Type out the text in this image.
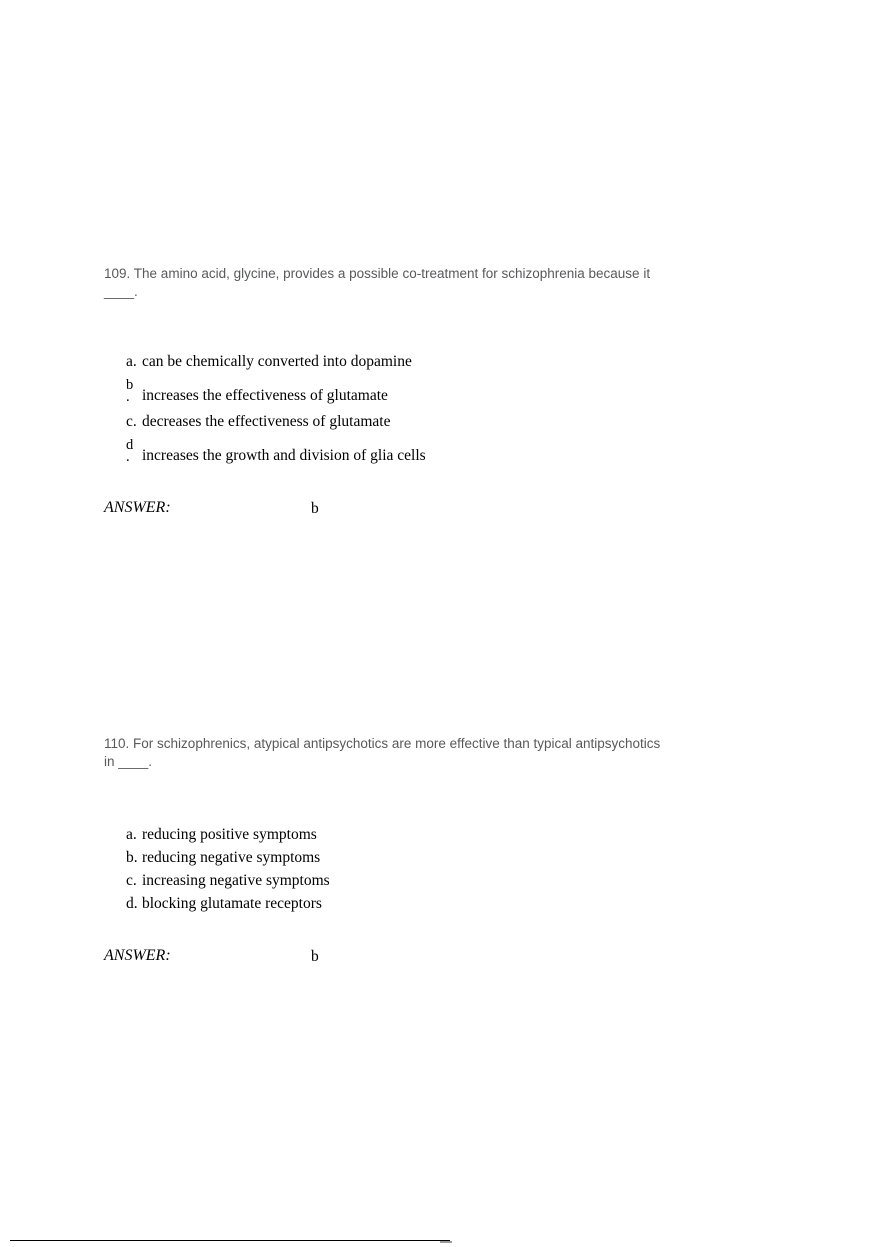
109. The amino acid, glycine, provides a possible co-treatment for schizophrenia because it ____.

a. can be chemically converted into dopamine
b
. increases the effectiveness of glutamate
c. decreases the effectiveness of glutamate
d
. increases the growth and division of glia cells
ANSWER:	b

110. For schizophrenics, atypical antipsychotics are more effective than typical antipsychotics in ____.

a. reducing positive symptoms
b. reducing negative symptoms
c. increasing negative symptoms
d. blocking glutamate receptors
ANSWER:	b
